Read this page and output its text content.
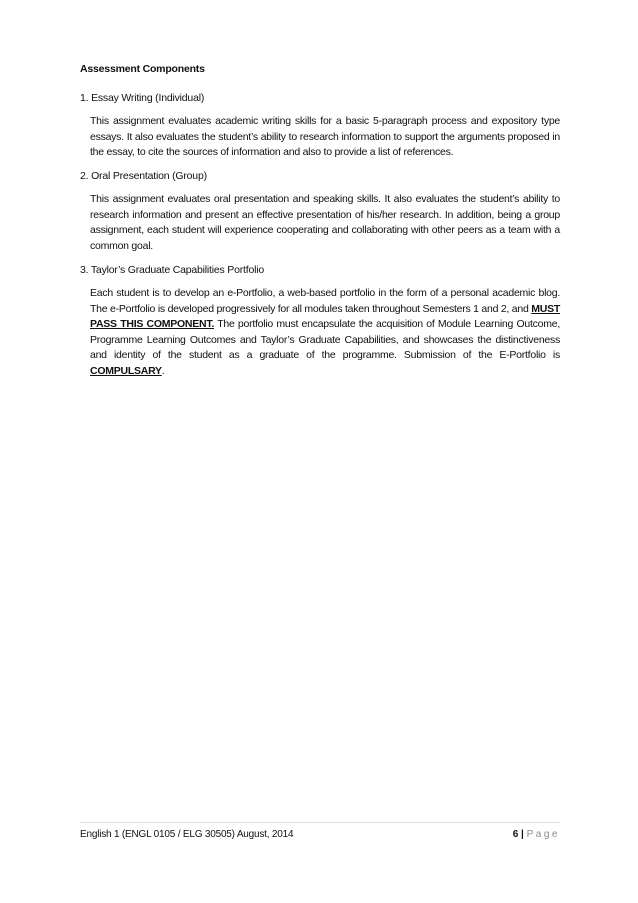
Assessment Components
1. Essay Writing (Individual)

This assignment evaluates academic writing skills for a basic 5-paragraph process and expository type essays. It also evaluates the student’s ability to research information to support the arguments proposed in the essay, to cite the sources of information and also to provide a list of references.

2. Oral Presentation (Group)

This assignment evaluates oral presentation and speaking skills. It also evaluates the student’s ability to research information and present an effective presentation of his/her research. In addition, being a group assignment, each student will experience cooperating and collaborating with other peers as a team with a common goal.

3. Taylor’s Graduate Capabilities Portfolio

Each student is to develop an e-Portfolio, a web-based portfolio in the form of a personal academic blog. The e-Portfolio is developed progressively for all modules taken throughout Semesters 1 and 2, and MUST PASS THIS COMPONENT. The portfolio must encapsulate the acquisition of Module Learning Outcome, Programme Learning Outcomes and Taylor’s Graduate Capabilities, and showcases the distinctiveness and identity of the student as a graduate of the programme. Submission of the E-Portfolio is COMPULSARY.

English 1 (ENGL 0105 / ELG 30505) August, 2014	6 | Page
